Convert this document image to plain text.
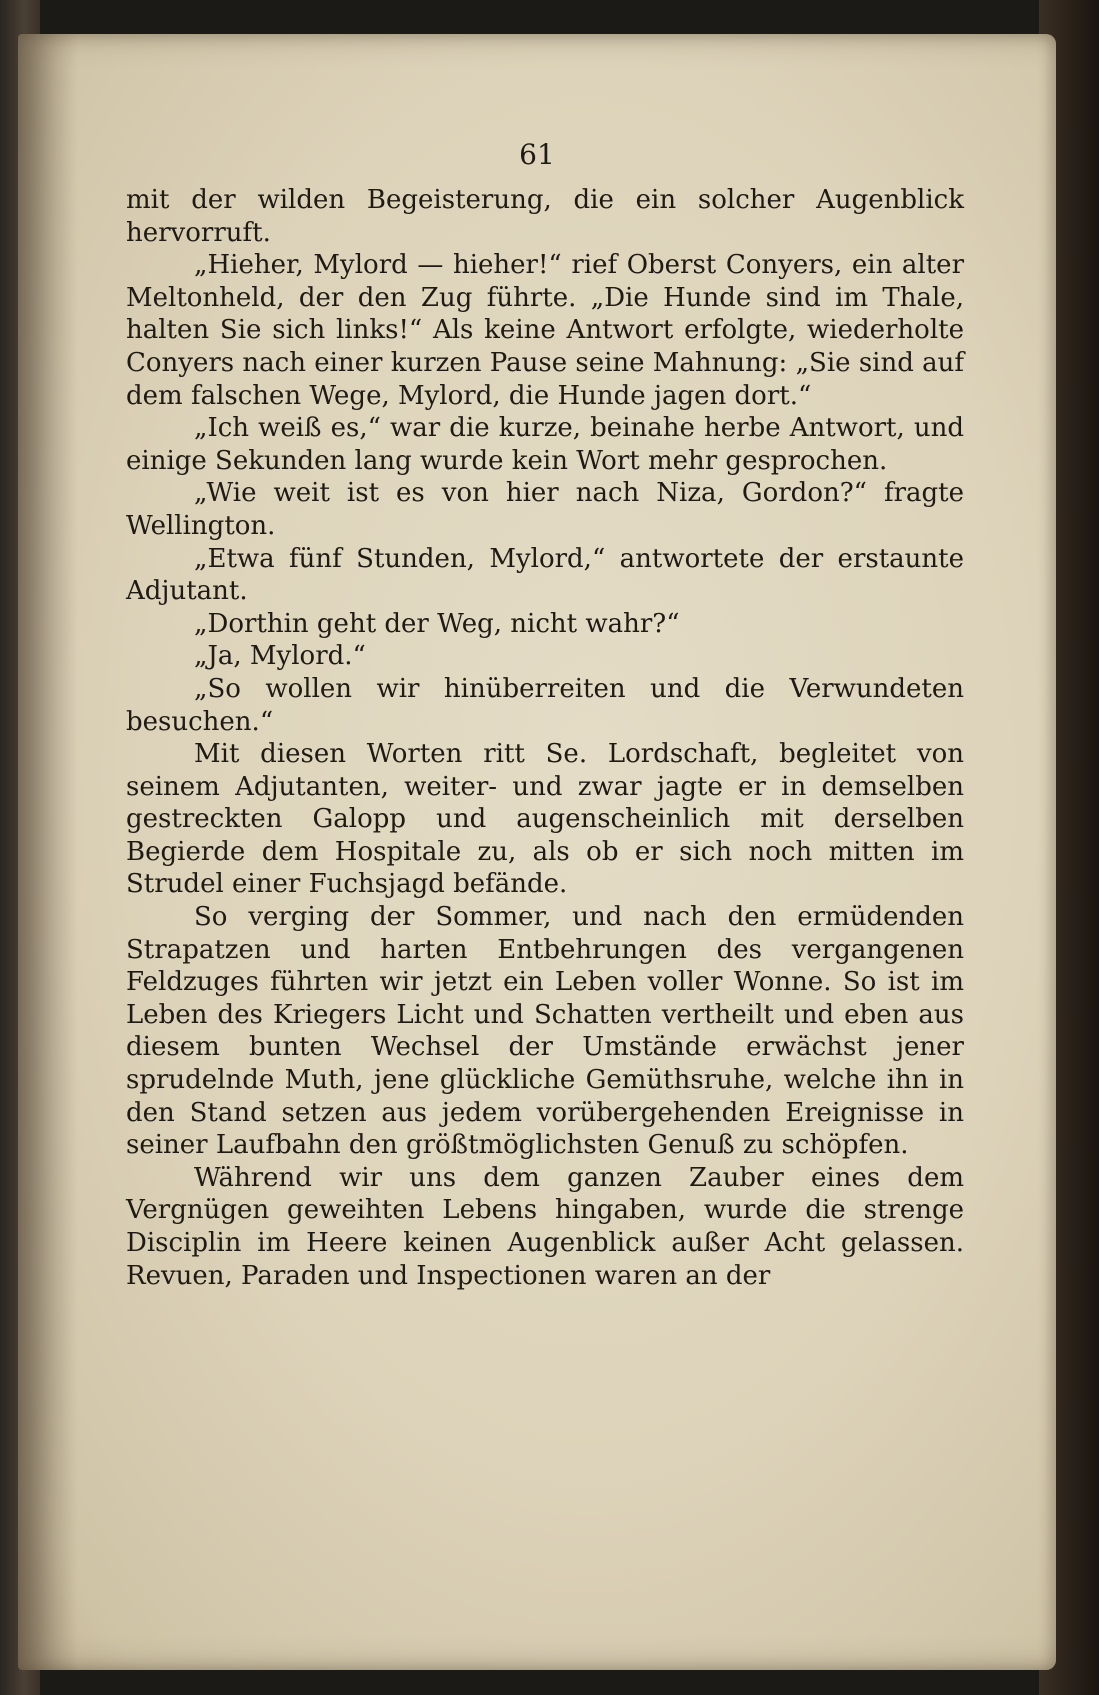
61

mit der wilden Begeisterung, die ein solcher Augenblick hervorruft.

„Hieher, Mylord — hieher!“ rief Oberst Conyers, ein alter Meltonheld, der den Zug führte. „Die Hunde sind im Thale, halten Sie sich links!“ Als keine Antwort erfolgte, wiederholte Conyers nach einer kurzen Pause seine Mahnung: „Sie sind auf dem falschen Wege, Mylord, die Hunde jagen dort.“

„Ich weiß es,“ war die kurze, beinahe herbe Antwort, und einige Sekunden lang wurde kein Wort mehr gesprochen.

„Wie weit ist es von hier nach Niza, Gordon?“ fragte Wellington.

„Etwa fünf Stunden, Mylord,“ antwortete der erstaunte Adjutant.

„Dorthin geht der Weg, nicht wahr?“

„Ja, Mylord.“

„So wollen wir hinüberreiten und die Verwundeten besuchen.“

Mit diesen Worten ritt Se. Lordschaft, begleitet von seinem Adjutanten, weiter- und zwar jagte er in demselben gestreckten Galopp und augenscheinlich mit derselben Begierde dem Hospitale zu, als ob er sich noch mitten im Strudel einer Fuchsjagd befände.

So verging der Sommer, und nach den ermüdenden Strapatzen und harten Entbehrungen des vergangenen Feldzuges führten wir jetzt ein Leben voller Wonne. So ist im Leben des Kriegers Licht und Schatten vertheilt und eben aus diesem bunten Wechsel der Umstände erwächst jener sprudelnde Muth, jene glückliche Gemüthsruhe, welche ihn in den Stand setzen aus jedem vorübergehenden Ereignisse in seiner Laufbahn den größtmöglichsten Genuß zu schöpfen.

Während wir uns dem ganzen Zauber eines dem Vergnügen geweihten Lebens hingaben, wurde die strenge Disciplin im Heere keinen Augenblick außer Acht gelassen. Revuen, Paraden und Inspectionen waren an der
